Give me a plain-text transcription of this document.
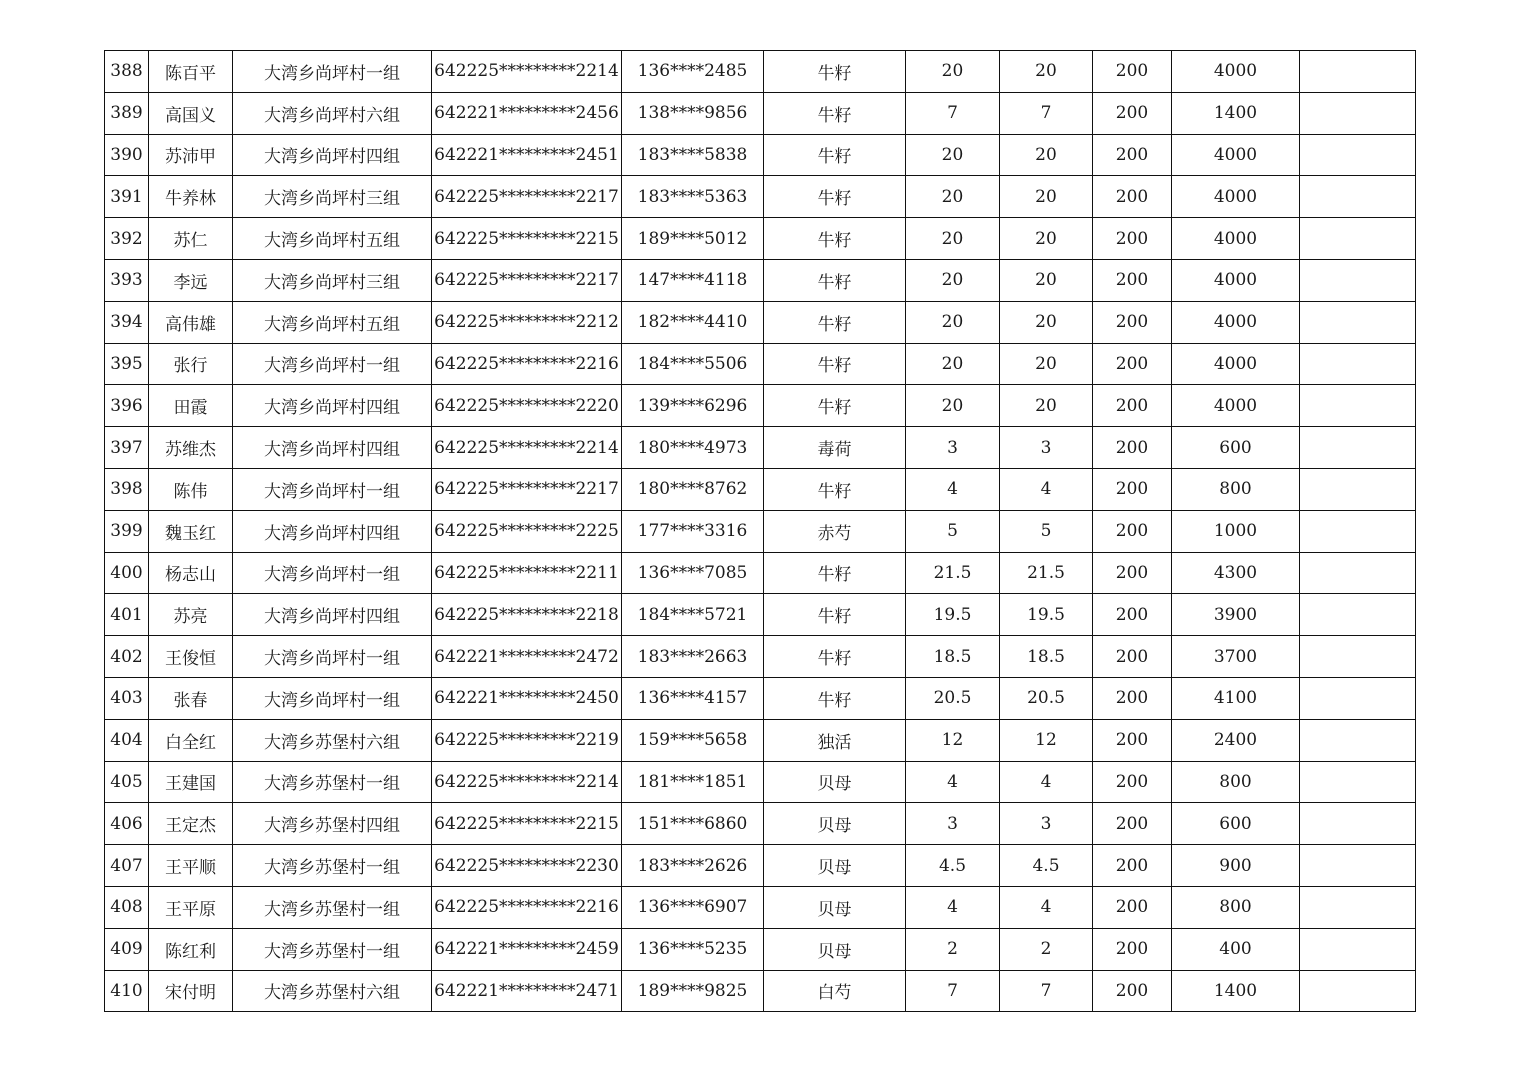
388	陈百平	大湾乡尚坪村一组	642225*********2214	136****2485	牛籽	20	20	200	4000	
389	高国义	大湾乡尚坪村六组	642221*********2456	138****9856	牛籽	7	7	200	1400	
390	苏沛甲	大湾乡尚坪村四组	642221*********2451	183****5838	牛籽	20	20	200	4000	
391	牛养林	大湾乡尚坪村三组	642225*********2217	183****5363	牛籽	20	20	200	4000	
392	苏仁	大湾乡尚坪村五组	642225*********2215	189****5012	牛籽	20	20	200	4000	
393	李远	大湾乡尚坪村三组	642225*********2217	147****4118	牛籽	20	20	200	4000	
394	高伟雄	大湾乡尚坪村五组	642225*********2212	182****4410	牛籽	20	20	200	4000	
395	张行	大湾乡尚坪村一组	642225*********2216	184****5506	牛籽	20	20	200	4000	
396	田霞	大湾乡尚坪村四组	642225*********2220	139****6296	牛籽	20	20	200	4000	
397	苏维杰	大湾乡尚坪村四组	642225*********2214	180****4973	毒荷	3	3	200	600	
398	陈伟	大湾乡尚坪村一组	642225*********2217	180****8762	牛籽	4	4	200	800	
399	魏玉红	大湾乡尚坪村四组	642225*********2225	177****3316	赤芍	5	5	200	1000	
400	杨志山	大湾乡尚坪村一组	642225*********2211	136****7085	牛籽	21.5	21.5	200	4300	
401	苏亮	大湾乡尚坪村四组	642225*********2218	184****5721	牛籽	19.5	19.5	200	3900	
402	王俊恒	大湾乡尚坪村一组	642221*********2472	183****2663	牛籽	18.5	18.5	200	3700	
403	张春	大湾乡尚坪村一组	642221*********2450	136****4157	牛籽	20.5	20.5	200	4100	
404	白全红	大湾乡苏堡村六组	642225*********2219	159****5658	独活	12	12	200	2400	
405	王建国	大湾乡苏堡村一组	642225*********2214	181****1851	贝母	4	4	200	800	
406	王定杰	大湾乡苏堡村四组	642225*********2215	151****6860	贝母	3	3	200	600	
407	王平顺	大湾乡苏堡村一组	642225*********2230	183****2626	贝母	4.5	4.5	200	900	
408	王平原	大湾乡苏堡村一组	642225*********2216	136****6907	贝母	4	4	200	800	
409	陈红利	大湾乡苏堡村一组	642221*********2459	136****5235	贝母	2	2	200	400	
410	宋付明	大湾乡苏堡村六组	642221*********2471	189****9825	白芍	7	7	200	1400	
